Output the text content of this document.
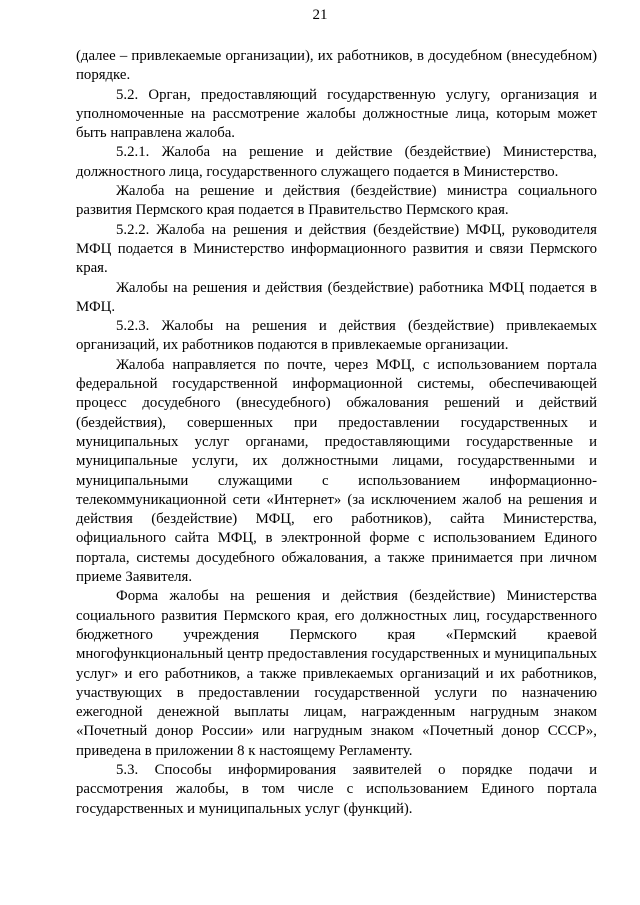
21

(далее – привлекаемые организации), их работников, в досудебном (внесудебном) порядке.

5.2. Орган, предоставляющий государственную услугу, организация и уполномоченные на рассмотрение жалобы должностные лица, которым может быть направлена жалоба.

5.2.1. Жалоба на решение и действие (бездействие) Министерства, должностного лица, государственного служащего подается в Министерство.

Жалоба на решение и действия (бездействие) министра социального развития Пермского края подается в Правительство Пермского края.

5.2.2. Жалоба на решения и действия (бездействие) МФЦ, руководителя МФЦ подается в Министерство информационного развития и связи Пермского края.

Жалобы на решения и действия (бездействие) работника МФЦ подается в МФЦ.

5.2.3. Жалобы на решения и действия (бездействие) привлекаемых организаций, их работников подаются в привлекаемые организации.

Жалоба направляется по почте, через МФЦ, с использованием портала федеральной государственной информационной системы, обеспечивающей процесс досудебного (внесудебного) обжалования решений и действий (бездействия), совершенных при предоставлении государственных и муниципальных услуг органами, предоставляющими государственные и муниципальные услуги, их должностными лицами, государственными и муниципальными служащими с использованием информационно-телекоммуникационной сети «Интернет» (за исключением жалоб на решения и действия (бездействие) МФЦ, его работников), сайта Министерства, официального сайта МФЦ, в электронной форме с использованием Единого портала, системы досудебного обжалования, а также принимается при личном приеме Заявителя.

Форма жалобы на решения и действия (бездействие) Министерства социального развития Пермского края, его должностных лиц, государственного бюджетного учреждения Пермского края «Пермский краевой многофункциональный центр предоставления государственных и муниципальных услуг» и его работников, а также привлекаемых организаций и их работников, участвующих в предоставлении государственной услуги по назначению ежегодной денежной выплаты лицам, награжденным нагрудным знаком «Почетный донор России» или нагрудным знаком «Почетный донор СССР», приведена в приложении 8 к настоящему Регламенту.

5.3. Способы информирования заявителей о порядке подачи и рассмотрения жалобы, в том числе с использованием Единого портала государственных и муниципальных услуг (функций).
